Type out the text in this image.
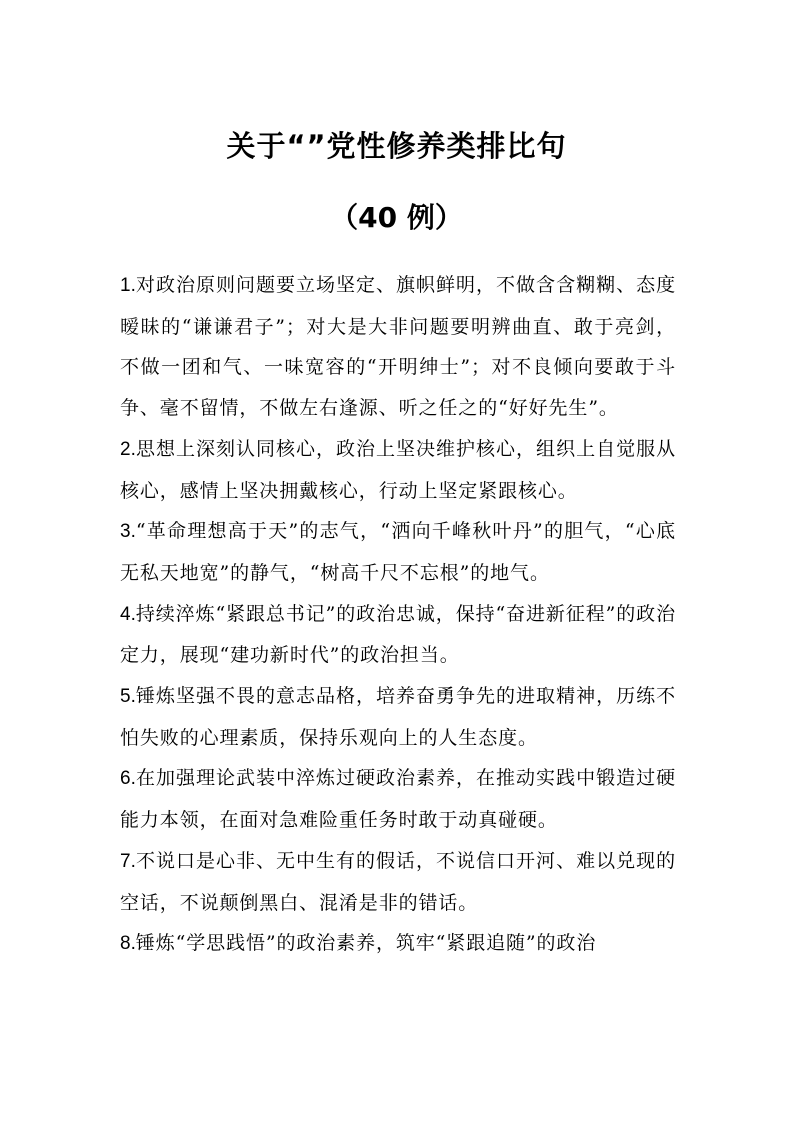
关于“”党性修养类排比句
（40 例）

1.对政治原则问题要立场坚定、旗帜鲜明，不做含含糊糊、态度暧昧的“谦谦君子”；对大是大非问题要明辨曲直、敢于亮剑，不做一团和气、一味宽容的“开明绅士”；对不良倾向要敢于斗争、毫不留情，不做左右逢源、听之任之的“好好先生”。

2.思想上深刻认同核心，政治上坚决维护核心，组织上自觉服从核心，感情上坚决拥戴核心，行动上坚定紧跟核心。

3.“革命理想高于天”的志气，“洒向千峰秋叶丹”的胆气，“心底无私天地宽”的静气，“树高千尺不忘根”的地气。

4.持续淬炼“紧跟总书记”的政治忠诚，保持“奋进新征程”的政治定力，展现“建功新时代”的政治担当。

5.锤炼坚强不畏的意志品格，培养奋勇争先的进取精神，历练不怕失败的心理素质，保持乐观向上的人生态度。

6.在加强理论武装中淬炼过硬政治素养，在推动实践中锻造过硬能力本领，在面对急难险重任务时敢于动真碰硬。

7.不说口是心非、无中生有的假话，不说信口开河、难以兑现的空话，不说颠倒黑白、混淆是非的错话。

8.锤炼“学思践悟”的政治素养，筑牢“紧跟追随”的政治
